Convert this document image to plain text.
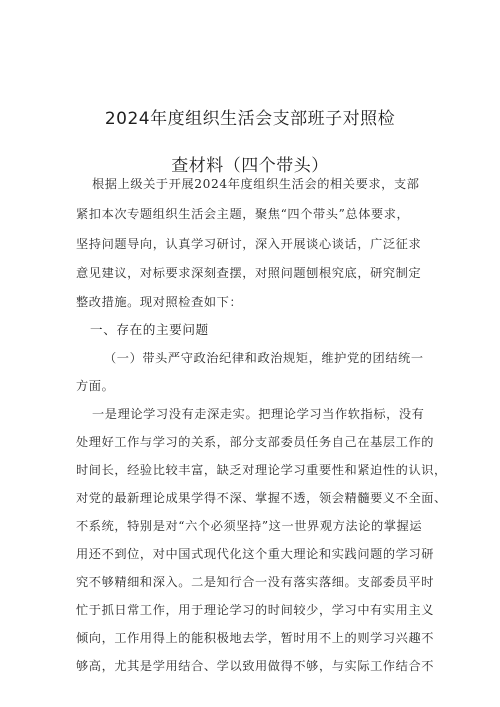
2024年度组织生活会支部班子对照检
查材料（四个带头）
根据上级关于开展2024年度组织生活会的相关要求，支部
紧扣本次专题组织生活会主题，聚焦“四个带头”总体要求，
坚持问题导向，认真学习研讨，深入开展谈心谈话，广泛征求
意见建议，对标要求深刻查摆，对照问题刨根究底，研究制定
整改措施。现对照检查如下：
一、存在的主要问题
（一）带头严守政治纪律和政治规矩，维护党的团结统一
方面。
一是理论学习没有走深走实。把理论学习当作软指标，没有
处理好工作与学习的关系，部分支部委员任务自己在基层工作的
时间长，经验比较丰富，缺乏对理论学习重要性和紧迫性的认识，
对党的最新理论成果学得不深、掌握不透，领会精髓要义不全面、
不系统，特别是对“六个必须坚持”这一世界观方法论的掌握运
用还不到位，对中国式现代化这个重大理论和实践问题的学习研
究不够精细和深入。二是知行合一没有落实落细。支部委员平时
忙于抓日常工作，用于理论学习的时间较少，学习中有实用主义
倾向，工作用得上的能积极地去学，暂时用不上的则学习兴趣不
够高，尤其是学用结合、学以致用做得不够，与实际工作结合不
